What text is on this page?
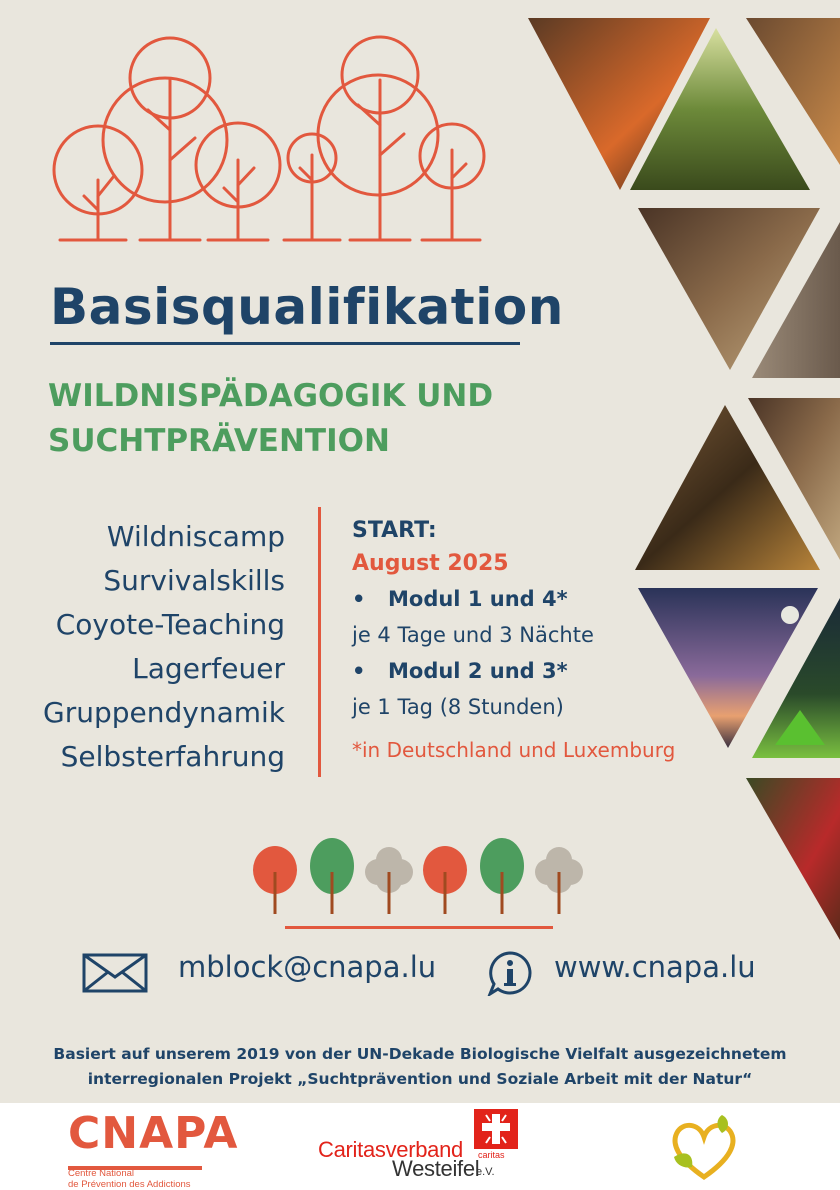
Basisqualifikation
WILDNISPÄDAGOGIK UND
SUCHTPRÄVENTION
Wildniscamp
Survivalskills
Coyote-Teaching
Lagerfeuer
Gruppendynamik
Selbsterfahrung
START:
August 2025
• Modul 1 und 4*
je 4 Tage und 3 Nächte
• Modul 2 und 3*
je 1 Tag (8 Stunden)
*in Deutschland und Luxemburg
mblock@cnapa.lu	www.cnapa.lu
Basiert auf unserem 2019 von der UN-Dekade Biologische Vielfalt ausgezeichnetem
interregionalen Projekt „Suchtprävention und Soziale Arbeit mit der Natur“
CNAPA
Centre National
de Prévention des Addictions
Caritasverband
Westeifel
e.V.
caritas
